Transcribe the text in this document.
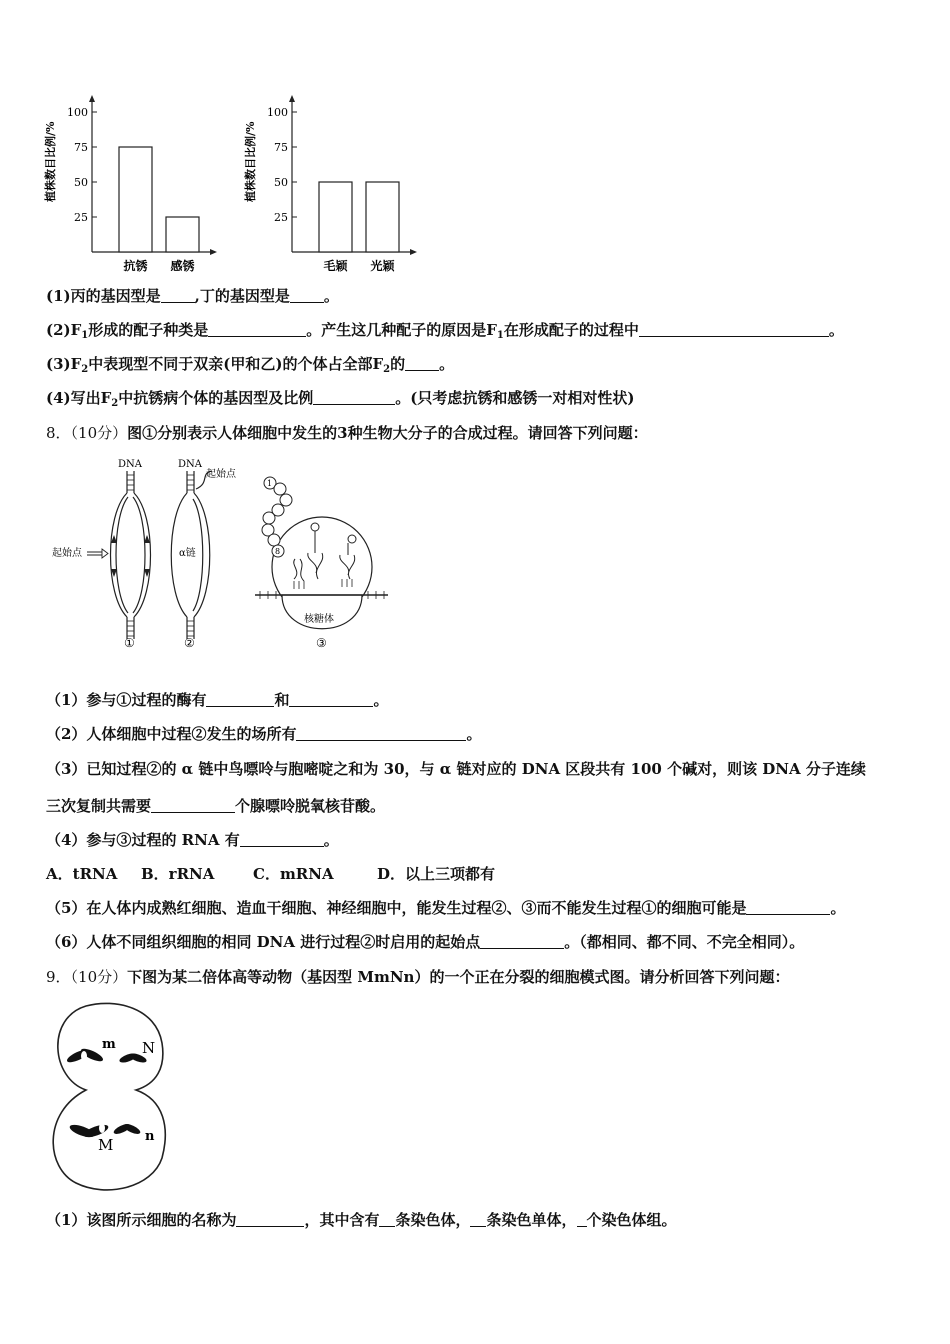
植株数目比例/%
25
50
75
100
抗锈 感锈
植株数目比例/%
25
50
75
100
毛颖 光颖
(1)丙的基因型是 ,丁的基因型是 。
$(2)F_1$形成的配子种类是	。产生这几种配子的原因是$F_1$在形成配子的过程中	。
$(3)F_2$中表现型不同于双亲(甲和乙)的个体占全部$F_2$的 。
(4)写出$F_2$中抗锈病个体的基因型及比例	。(只考虑抗锈和感锈一对相对性状)
8．（10分）图①分别表示人体细胞中发生的3种生物大分子的合成过程。请回答下列问题：
DNA
起始点
①
DNA
α链
起始点
②
1
8
核糖体
③
（1）参与①过程的酶有	和	。
（2）人体细胞中过程②发生的场所有	。
（3）已知过程②的 α 链中鸟嘌呤与胞嘧啶之和为 30，与 α 链对应的 DNA 区段共有 100 个碱对，则该 DNA 分子连续
三次复制共需要	个腺嘌呤脱氧核苷酸。
（4）参与③过程的 RNA 有	。
A．tRNA B．rRNA	C．mRNA	D．以上三项都有
（5）在人体内成熟红细胞、造血干细胞、神经细胞中，能发生过程②、③而不能发生过程①的细胞可能是	。
（6）人体不同组织细胞的相同 DNA 进行过程②时启用的起始点	。（都相同、都不同、不完全相同）。
9．（10分）下图为某二倍体高等动物（基因型 MmNn）的一个正在分裂的细胞模式图。请分析回答下列问题：
m N
M n
（1）该图所示细胞的名称为	，其中含有 条染色体， 条染色单体， 个染色体组。
